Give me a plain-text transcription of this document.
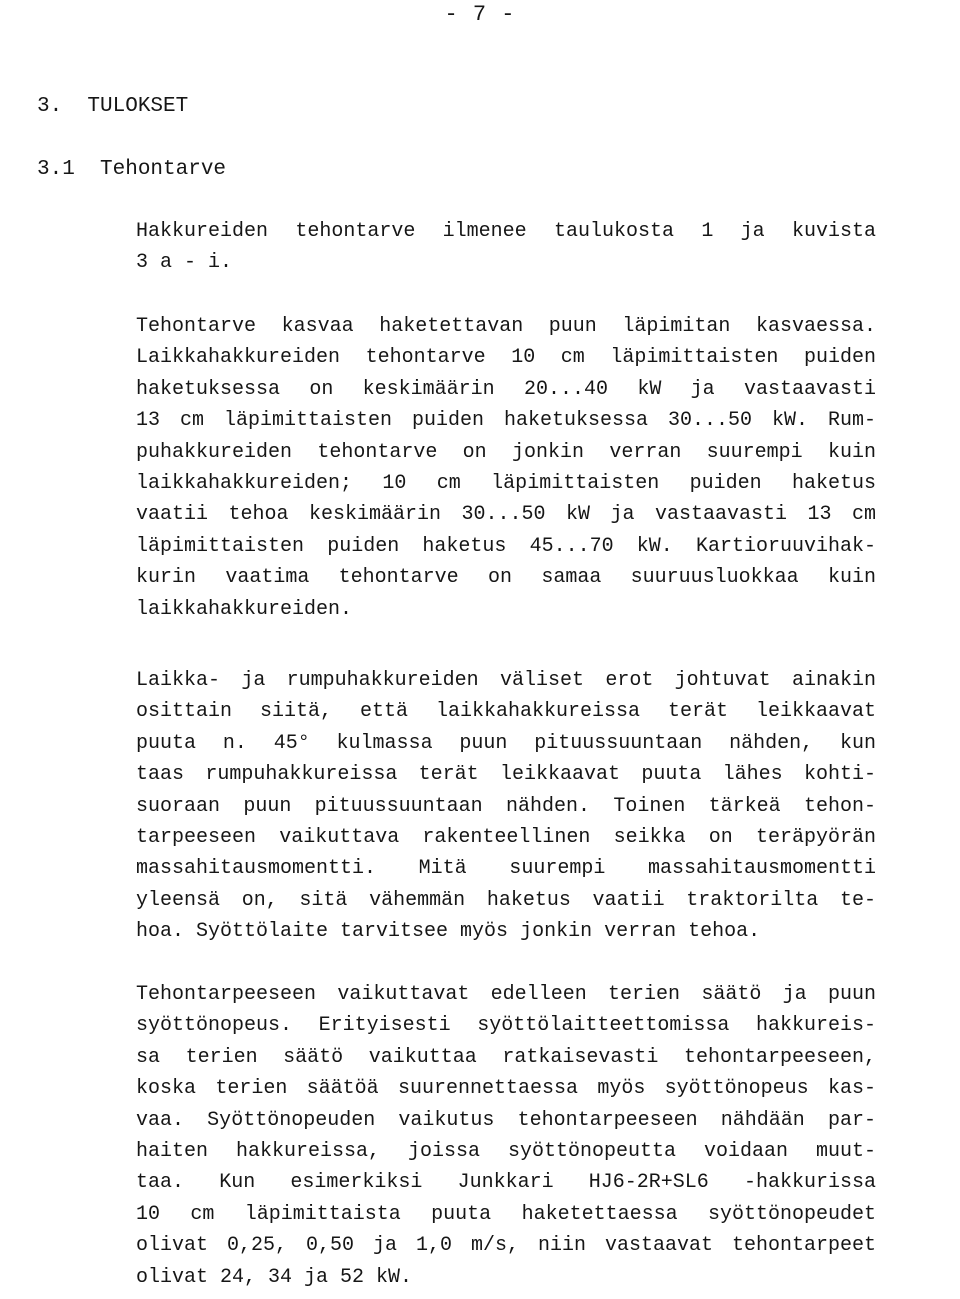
- 7 -
3.  TULOKSET
3.1  Tehontarve
Hakkureiden tehontarve ilmenee taulukosta 1 ja kuvista
3 a - i.
Tehontarve kasvaa haketettavan puun läpimitan kasvaessa.
Laikkahakkureiden tehontarve 10 cm läpimittaisten puiden
haketuksessa on keskimäärin 20...40 kW ja vastaavasti
13 cm läpimittaisten puiden haketuksessa 30...50 kW. Rum-
puhakkureiden tehontarve on jonkin verran suurempi kuin
laikkahakkureiden; 10 cm läpimittaisten puiden haketus
vaatii tehoa keskimäärin 30...50 kW ja vastaavasti 13 cm
läpimittaisten puiden haketus 45...70 kW. Kartioruuvihak-
kurin vaatima tehontarve on samaa suuruusluokkaa kuin
laikkahakkureiden.
Laikka- ja rumpuhakkureiden väliset erot johtuvat ainakin
osittain siitä, että laikkahakkureissa terät leikkaavat
puuta n. 45° kulmassa puun pituussuuntaan nähden, kun
taas rumpuhakkureissa terät leikkaavat puuta lähes kohti-
suoraan puun pituussuuntaan nähden. Toinen tärkeä tehon-
tarpeeseen vaikuttava rakenteellinen seikka on teräpyörän
massahitausmomentti. Mitä suurempi massahitausmomentti
yleensä on, sitä vähemmän haketus vaatii traktorilta te-
hoa. Syöttölaite tarvitsee myös jonkin verran tehoa.
Tehontarpeeseen vaikuttavat edelleen terien säätö ja puun
syöttönopeus. Erityisesti syöttölaitteettomissa hakkureis-
sa terien säätö vaikuttaa ratkaisevasti tehontarpeeseen,
koska terien säätöä suurennettaessa myös syöttönopeus kas-
vaa. Syöttönopeuden vaikutus tehontarpeeseen nähdään par-
haiten hakkureissa, joissa syöttönopeutta voidaan muut-
taa. Kun esimerkiksi Junkkari HJ6-2R+SL6 -hakkurissa
10 cm läpimittaista puuta haketettaessa syöttönopeudet
olivat 0,25, 0,50 ja 1,0 m/s, niin vastaavat tehontarpeet
olivat 24, 34 ja 52 kW.
